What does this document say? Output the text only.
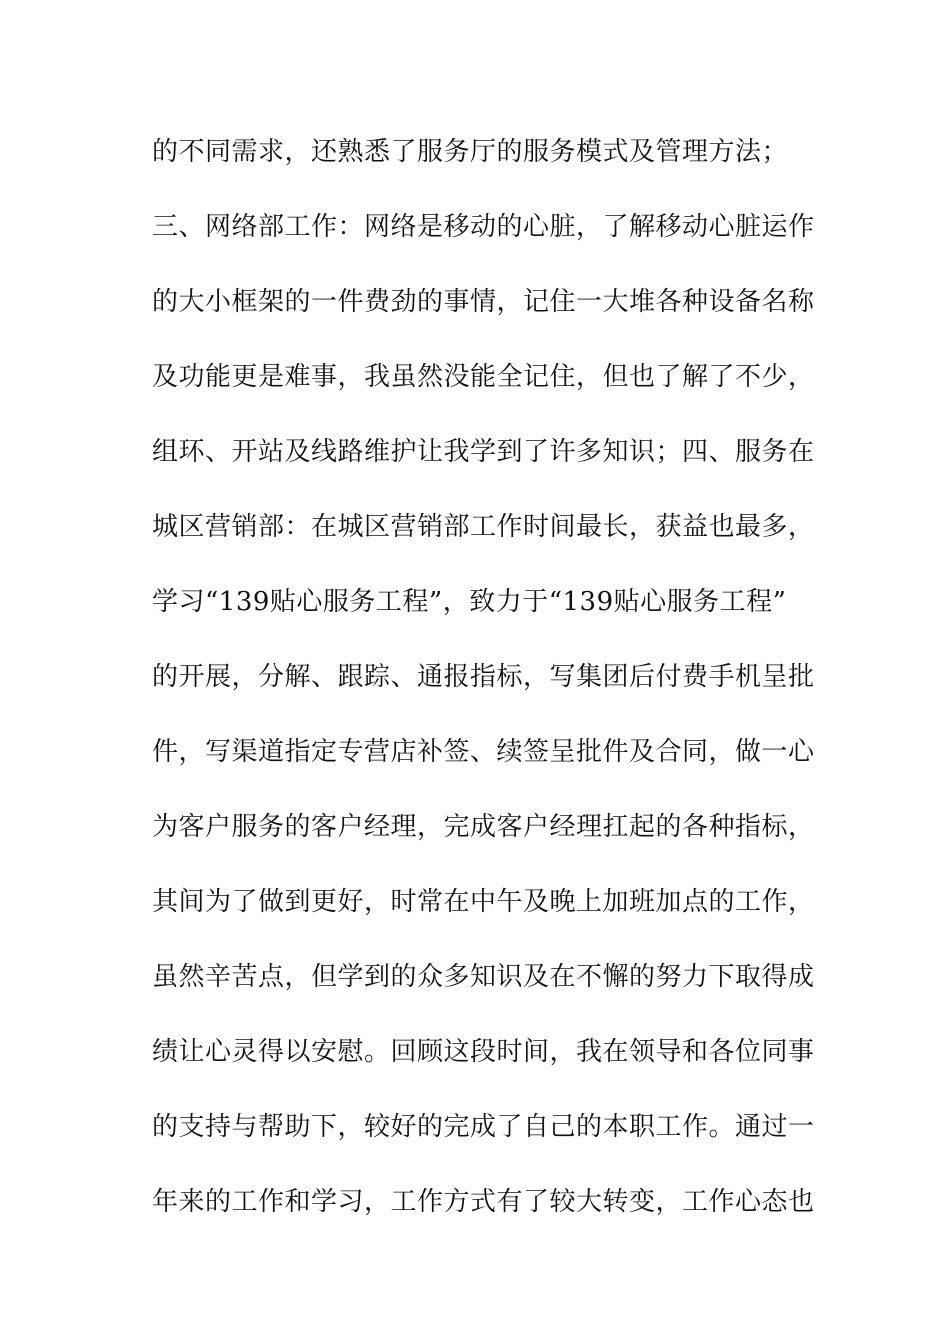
的不同需求，还熟悉了服务厅的服务模式及管理方法；
三、网络部工作：网络是移动的心脏，了解移动心脏运作
的大小框架的一件费劲的事情，记住一大堆各种设备名称
及功能更是难事，我虽然没能全记住，但也了解了不少，
组环、开站及线路维护让我学到了许多知识；四、服务在
城区营销部：在城区营销部工作时间最长，获益也最多，
学习“139贴心服务工程”，致力于“139贴心服务工程”
的开展，分解、跟踪、通报指标，写集团后付费手机呈批
件，写渠道指定专营店补签、续签呈批件及合同，做一心
为客户服务的客户经理，完成客户经理扛起的各种指标，
其间为了做到更好，时常在中午及晚上加班加点的工作，
虽然辛苦点，但学到的众多知识及在不懈的努力下取得成
绩让心灵得以安慰。回顾这段时间，我在领导和各位同事
的支持与帮助下，较好的完成了自己的本职工作。通过一
年来的工作和学习，工作方式有了较大转变，工作心态也
